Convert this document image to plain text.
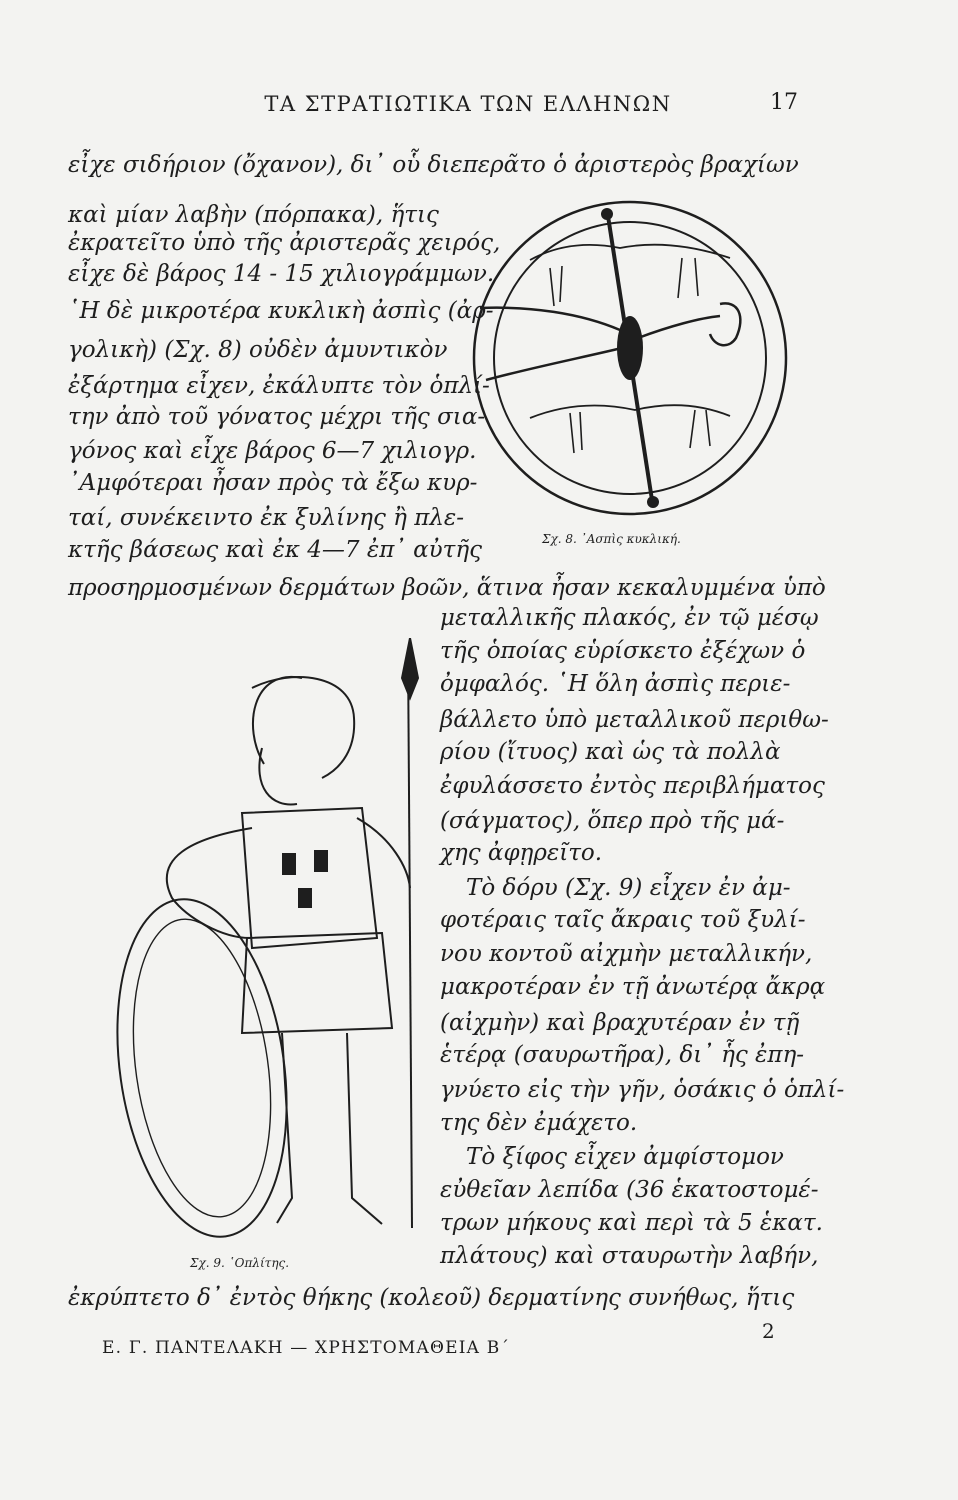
ΤΑ ΣΤΡΑΤΙΩΤΙΚΑ ΤΩΝ ΕΛΛΗΝΩΝ	17
εἶχε σιδήριον (ὄχανον), δι᾿ οὗ διεπερᾶτο ὁ ἀριστερὸς βραχίων
καὶ μίαν λαβὴν (πόρπακα), ἥτις
ἐκρατεῖτο ὑπὸ τῆς ἀριστερᾶς χειρός,
εἶχε δὲ βάρος 14 - 15 χιλιογράμμων.
῾Η δὲ μικροτέρα κυκλικὴ ἀσπὶς (ἀρ-
γολικὴ) (Σχ. 8) οὐδὲν ἀμυντικὸν
ἐξάρτημα εἶχεν, ἐκάλυπτε τὸν ὁπλί-
την ἀπὸ τοῦ γόνατος μέχρι τῆς σια-
γόνος καὶ εἶχε βάρος 6—7 χιλιογρ.
᾿Αμφότεραι ἦσαν πρὸς τὰ ἔξω κυρ-
ταί, συνέκειντο ἐκ ξυλίνης ἢ πλε-
κτῆς βάσεως καὶ ἐκ 4—7 ἐπ᾿ αὐτῆς
προσηρμοσμένων δερμάτων βοῶν, ἅτινα ἦσαν κεκαλυμμένα ὑπὸ
μεταλλικῆς πλακός, ἐν τῷ μέσῳ
τῆς ὁποίας εὑρίσκετο ἐξέχων ὁ
ὀμφαλός. ῾Η ὅλη ἀσπὶς περιε-
βάλλετο ὑπὸ μεταλλικοῦ περιθω-
ρίου (ἴτυος) καὶ ὡς τὰ πολλὰ
ἐφυλάσσετο ἐντὸς περιβλήματος
(σάγματος), ὅπερ πρὸ τῆς μά-
χης ἀφῃρεῖτο.
Τὸ δόρυ (Σχ. 9) εἶχεν ἐν ἀμ-
φοτέραις ταῖς ἄκραις τοῦ ξυλί-
νου κοντοῦ αἰχμὴν μεταλλικήν,
μακροτέραν ἐν τῇ ἀνωτέρᾳ ἄκρᾳ
(αἰχμὴν) καὶ βραχυτέραν ἐν τῇ
ἑτέρᾳ (σαυρωτῆρα), δι᾿ ἧς ἐπη-
γνύετο εἰς τὴν γῆν, ὁσάκις ὁ ὁπλί-
της δὲν ἐμάχετο.
Τὸ ξίφος εἶχεν ἀμφίστομον
εὐθεῖαν λεπίδα (36 ἑκατοστομέ-
τρων μήκους καὶ περὶ τὰ 5 ἑκατ.
πλάτους) καὶ σταυρωτὴν λαβήν,
ἐκρύπτετο δ᾿ ἐντὸς θήκης (κολεοῦ) δερματίνης συνήθως, ἥτις
Σχ. 8. ᾿Ασπὶς κυκλική.
Σχ. 9. ῾Οπλίτης.
Ε. Γ. ΠΑΝΤΕΛΑΚΗ — ΧΡΗΣΤΟΜΑΘΕΙΑ Β΄
2
